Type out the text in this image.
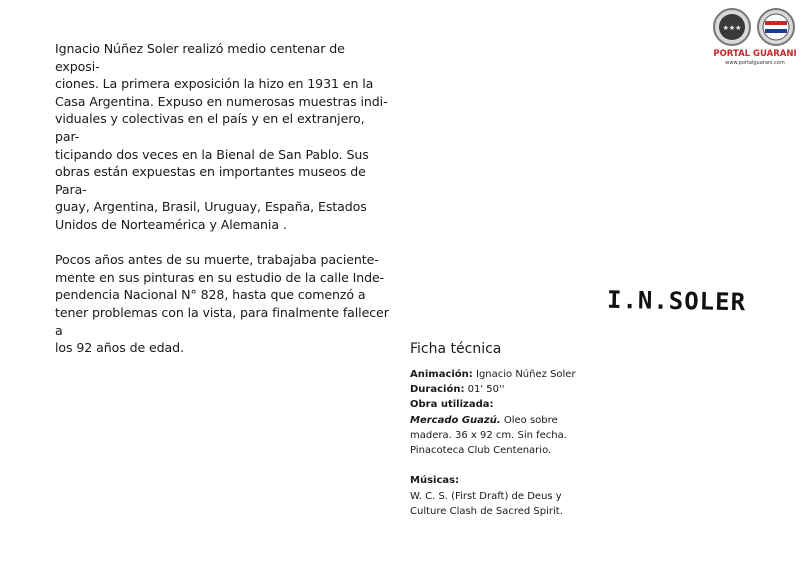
★★★
PORTAL GUARANI
www.portalguarani.com

Ignacio Núñez Soler realizó medio centenar de exposi-

ciones. La primera exposición la hizo en 1931 en la

Casa Argentina. Expuso en numerosas muestras indi-

viduales y colectivas en el país y en el extranjero, par-

ticipando dos veces en la Bienal de San Pablo. Sus

obras están expuestas en importantes museos de Para-

guay, Argentina, Brasil, Uruguay, España, Estados

Unidos de Norteamérica y Alemania .

Pocos años antes de su muerte, trabajaba paciente-

mente en sus pinturas en su estudio de la calle Inde-

pendencia Nacional N° 828, hasta que comenzó a

tener problemas con la vista, para finalmente fallecer a

los 92 años de edad.

I.N.SOLER
Ficha técnica
Animación: Ignacio Núñez Soler
Duración: 01' 50''
Obra utilizada:
Mercado Guazú. Oleo sobre
madera. 36 x 92 cm. Sin fecha.
Pinacoteca Club Centenario.

Músicas:
W. C. S. (First Draft) de Deus y
Culture Clash de Sacred Spirit.
